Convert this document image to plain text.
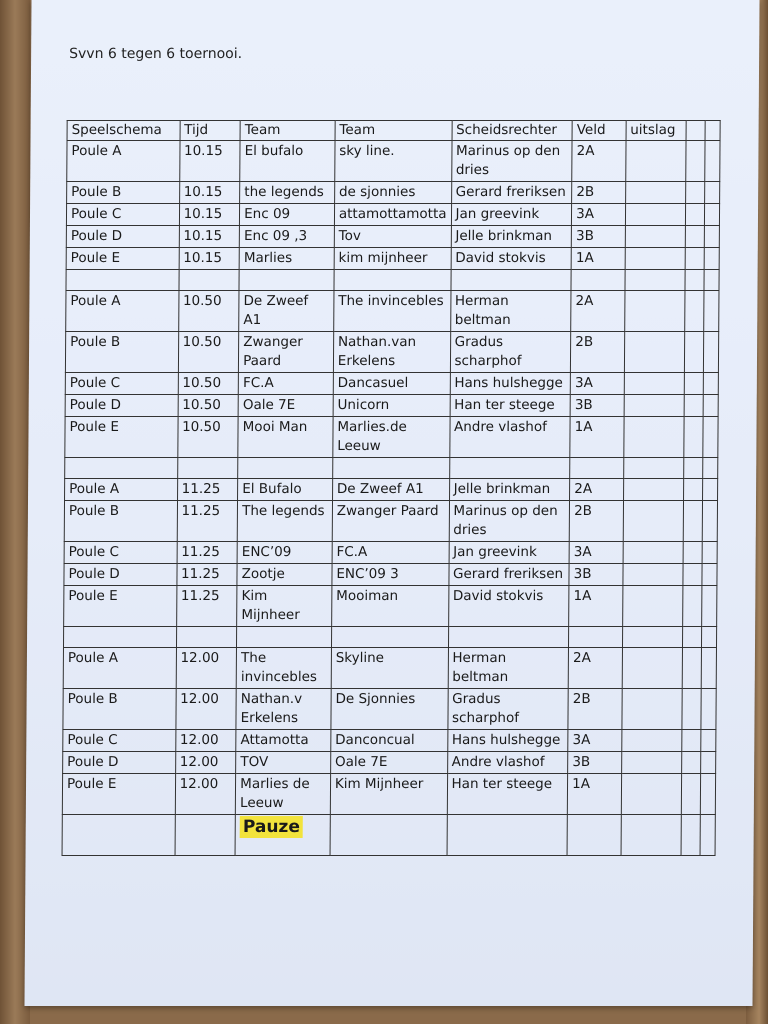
Svvn 6 tegen 6 toernooi.
Speelschema	Tijd	Team	Team	Scheidsrechter	Veld	uitslag		
Poule A	10.15	El bufalo	sky line.	Marinus op den dries	2A			
Poule B	10.15	the legends	de sjonnies	Gerard freriksen	2B			
Poule C	10.15	Enc 09	attamottamotta	Jan greevink	3A			
Poule D	10.15	Enc 09 ,3	Tov	Jelle brinkman	3B			
Poule E	10.15	Marlies	kim mijnheer	David stokvis	1A			

Poule A	10.50	De Zweef A1	The invincebles	Herman beltman	2A			
Poule B	10.50	Zwanger Paard	Nathan.van Erkelens	Gradus scharphof	2B			
Poule C	10.50	FC.A	Dancasuel	Hans hulshegge	3A			
Poule D	10.50	Oale 7E	Unicorn	Han ter steege	3B			
Poule E	10.50	Mooi Man	Marlies.de Leeuw	Andre vlashof	1A			

Poule A	11.25	El Bufalo	De Zweef A1	Jelle brinkman	2A			
Poule B	11.25	The legends	Zwanger Paard	Marinus op den dries	2B			
Poule C	11.25	ENC’09	FC.A	Jan greevink	3A			
Poule D	11.25	Zootje	ENC’09 3	Gerard freriksen	3B			
Poule E	11.25	Kim Mijnheer	Mooiman	David stokvis	1A			

Poule A	12.00	The invincebles	Skyline	Herman beltman	2A			
Poule B	12.00	Nathan.v Erkelens	De Sjonnies	Gradus scharphof	2B			
Poule C	12.00	Attamotta	Danconcual	Hans hulshegge	3A			
Poule D	12.00	TOV	Oale 7E	Andre vlashof	3B			
Poule E	12.00	Marlies de Leeuw	Kim Mijnheer	Han ter steege	1A			
		Pauze						
